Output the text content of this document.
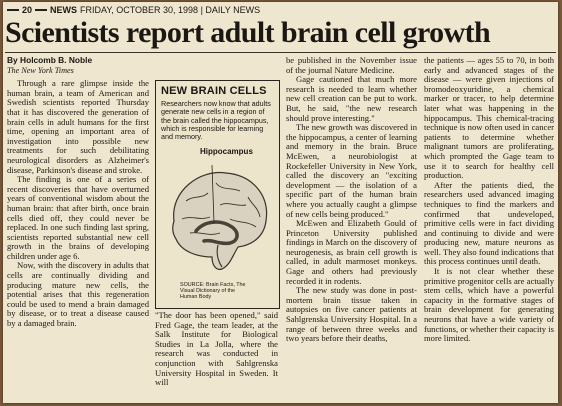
20 NEWS FRIDAY, OCTOBER 30, 1998 | DAILY NEWS
Scientists report adult brain cell growth

By Holcomb B. Noble

The New York Times

Through a rare glimpse inside the human brain, a team of American and Swedish scientists reported Thursday that it has discovered the generation of brain cells in adult humans for the first time, opening an important area of investigation into possible new treatments for such debilitating neurological disorders as Alzheimer's disease, Parkinson's disease and stroke.

The finding is one of a series of recent discoveries that have overturned years of conventional wisdom about the human brain: that after birth, once brain cells died off, they could never be replaced. In one such finding last spring, scientists reported substantial new cell growth in the brains of developing children under age 6.

Now, with the discovery in adults that cells are continually dividing and producing mature new cells, the potential arises that this regeneration could be used to mend a brain damaged by disease, or to treat a disease caused by a damaged brain.

NEW BRAIN CELLS
Researchers now know that adults generate new cells in a region of the brain called the hippocampus, which is responsible for learning and memory.
Hippocampus
SOURCE: Brain Facts, The Visual Dictionary of the Human Body

"The door has been opened," said Fred Gage, the team leader, at the Salk Institute for Biological Studies in La Jolla, where the research was conducted in conjunction with Sahlgrenska University Hospital in Sweden. It will

be published in the November issue of the journal Nature Medicine.

Gage cautioned that much more research is needed to learn whether new cell creation can be put to work. But, he said, "the new research should prove interesting."

The new growth was discovered in the hippocampus, a center of learning and memory in the brain. Bruce McEwen, a neurobiologist at Rockefeller University in New York, called the discovery an "exciting development — the isolation of a specific part of the human brain where you actually caught a glimpse of new cells being produced."

McEwen and Elizabeth Gould of Princeton University published findings in March on the discovery of neurogenesis, as brain cell growth is called, in adult marmoset monkeys. Gage and others had previously recorded it in rodents.

The new study was done in post-mortem brain tissue taken in autopsies on five cancer patients at Sahlgrenska University Hospital. In a range of between three weeks and two years before their deaths,

the patients — ages 55 to 70, in both early and advanced stages of the disease — were given injections of bromodeoxyuridine, a chemical marker or tracer, to help determine later what was happening in the hippocampus. This chemical-tracing technique is now often used in cancer patients to determine whether malignant tumors are proliferating, which prompted the Gage team to use it to search for healthy cell production.

After the patients died, the researchers used advanced imaging techniques to find the markers and confirmed that undeveloped, primitive cells were in fact dividing and continuing to divide and were producing new, mature neurons as well. They also found indications that this process continues until death.

It is not clear whether these primitive progenitor cells are actually stem cells, which have a powerful capacity in the formative stages of brain development for generating neurons that have a wide variety of functions, or whether their capacity is more limited.
